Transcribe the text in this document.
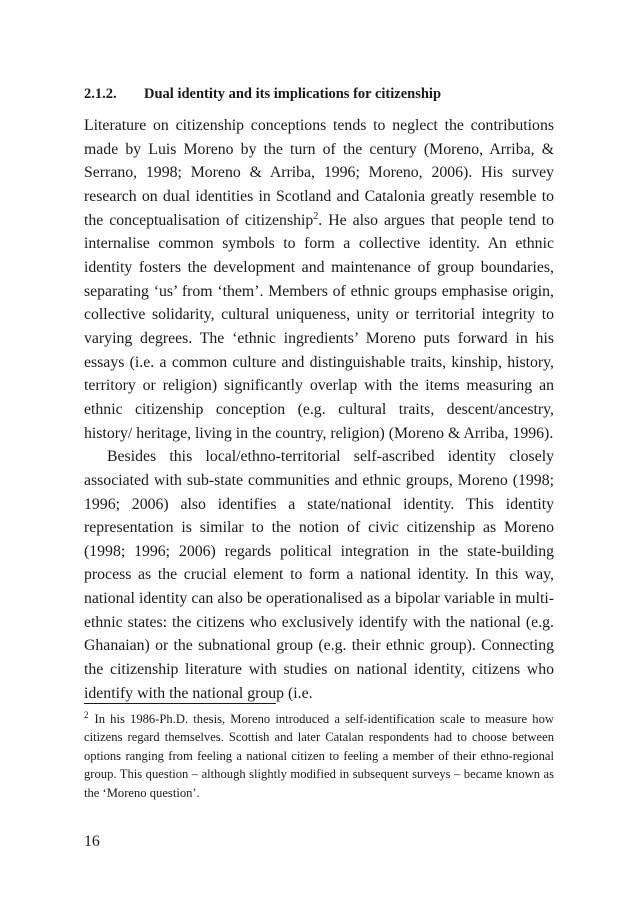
2.1.2. Dual identity and its implications for citizenship

Literature on citizenship conceptions tends to neglect the contributions made by Luis Moreno by the turn of the century (Moreno, Arriba, & Serrano, 1998; Moreno & Arriba, 1996; Moreno, 2006). His survey research on dual identities in Scotland and Catalonia greatly resemble to the conceptualisation of citizenship$^2$. He also argues that people tend to internalise common symbols to form a collective identity. An ethnic identity fosters the development and maintenance of group boundaries, separating ‘us’ from ‘them’. Members of ethnic groups emphasise origin, collective solidarity, cultural uniqueness, unity or territorial integrity to varying degrees. The ‘ethnic ingredients’ Moreno puts forward in his essays (i.e. a common culture and distinguishable traits, kinship, history, territory or religion) significantly overlap with the items measuring an ethnic citizenship conception (e.g. cultural traits, descent/ancestry, history/ heritage, living in the country, religion) (Moreno & Arriba, 1996).

Besides this local/ethno-territorial self-ascribed identity closely associated with sub-state communities and ethnic groups, Moreno (1998; 1996; 2006) also identifies a state/national identity. This identity representation is similar to the notion of civic citizenship as Moreno (1998; 1996; 2006) regards political integration in the state-building process as the crucial element to form a national identity. In this way, national identity can also be operationalised as a bipolar variable in multi-ethnic states: the citizens who exclusively identify with the national (e.g. Ghanaian) or the subnational group (e.g. their ethnic group). Connecting the citizenship literature with studies on national identity, citizens who identify with the national group (i.e.

$^2$ In his 1986-Ph.D. thesis, Moreno introduced a self-identification scale to measure how citizens regard themselves. Scottish and later Catalan respondents had to choose between options ranging from feeling a national citizen to feeling a member of their ethno-regional group. This question – although slightly modified in subsequent surveys – became known as the ‘Moreno question’.

16
